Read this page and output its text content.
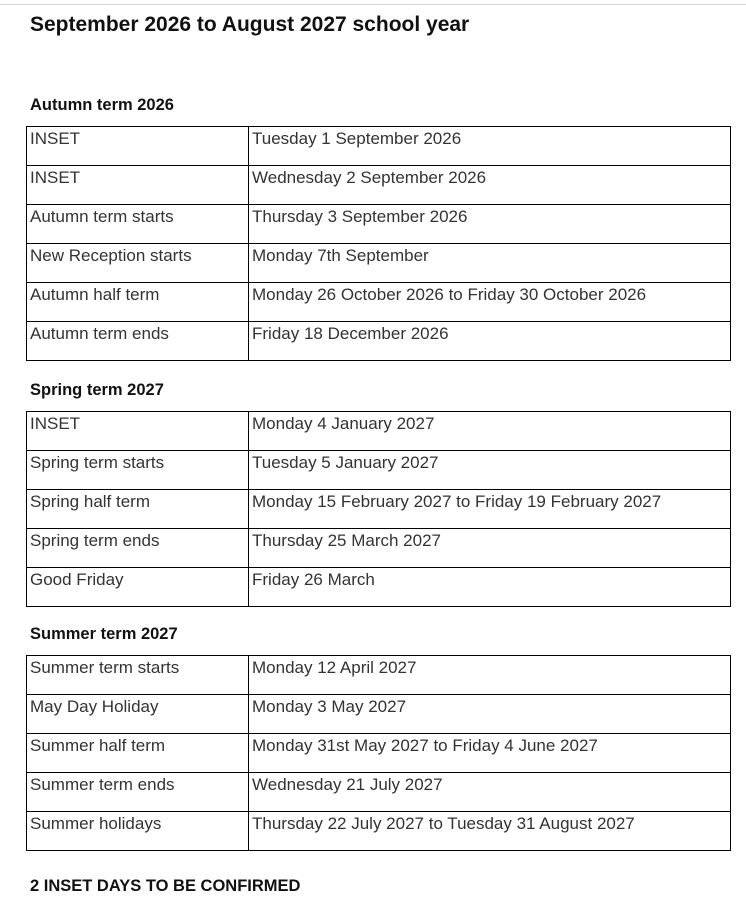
September 2026 to August 2027 school year
Autumn term 2026
INSET	Tuesday 1 September 2026
INSET	Wednesday 2 September 2026
Autumn term starts	Thursday 3 September 2026
New Reception starts	Monday 7th September
Autumn half term	Monday 26 October 2026 to Friday 30 October 2026
Autumn term ends	Friday 18 December 2026
Spring term 2027
INSET	Monday 4 January 2027
Spring term starts	Tuesday 5 January 2027
Spring half term	Monday 15 February 2027 to Friday 19 February 2027
Spring term ends	Thursday 25 March 2027
Good Friday	Friday 26 March
Summer term 2027
Summer term starts	Monday 12 April 2027
May Day Holiday	Monday 3 May 2027
Summer half term	Monday 31st May 2027 to Friday 4 June 2027
Summer term ends	Wednesday 21 July 2027
Summer holidays	Thursday 22 July 2027 to Tuesday 31 August 2027
2 INSET DAYS TO BE CONFIRMED
